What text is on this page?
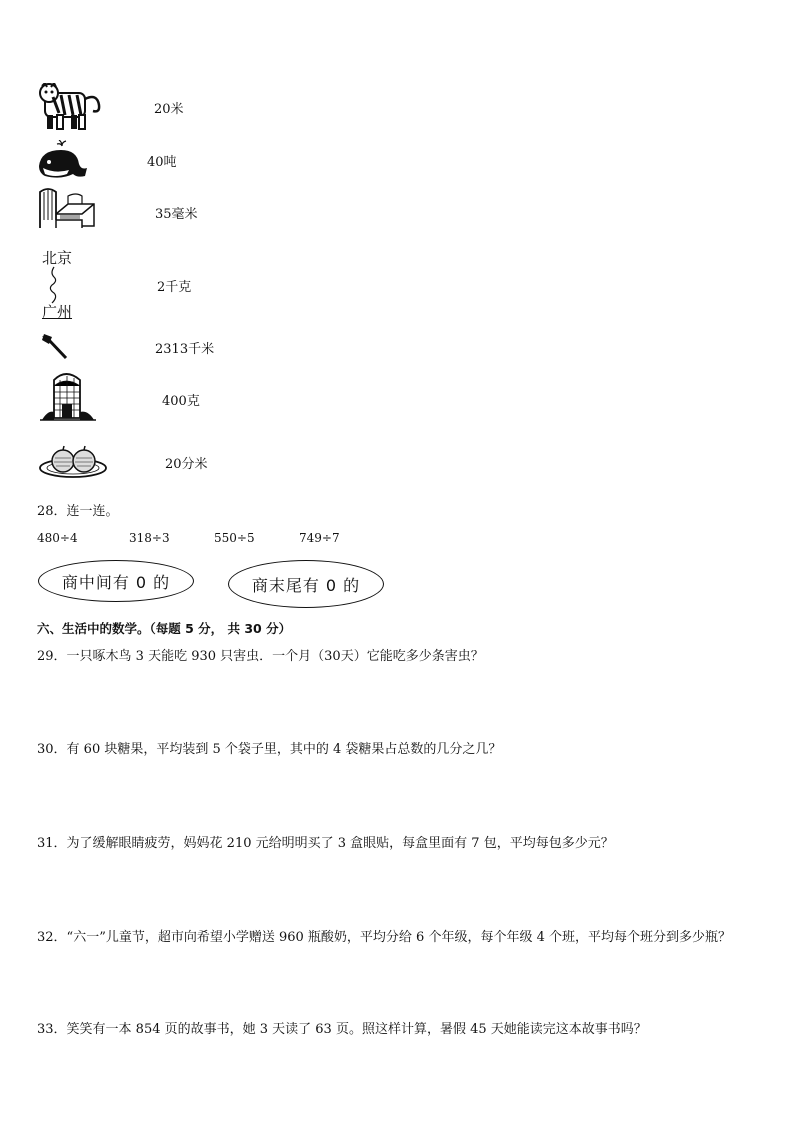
20米
40吨
35毫米
北京
广州
2千克
2313千米
400克
20分米
28．连一连。
480÷4	318÷3	550÷5	749÷7
商中间有 0 的	商末尾有 0 的
六、生活中的数学。（每题 5 分， 共 30 分）
29．一只啄木鸟 3 天能吃 930 只害虫．一个月（30天）它能吃多少条害虫？
30．有 60 块糖果，平均装到 5 个袋子里，其中的 4 袋糖果占总数的几分之几？
31．为了缓解眼睛疲劳，妈妈花 210 元给明明买了 3 盒眼贴，每盒里面有 7 包，平均每包多少元？
32．“六一”儿童节，超市向希望小学赠送 960 瓶酸奶，平均分给 6 个年级，每个年级 4 个班，平均每个班分到多少瓶？
33．笑笑有一本 854 页的故事书，她 3 天读了 63 页。照这样计算，暑假 45 天她能读完这本故事书吗？
